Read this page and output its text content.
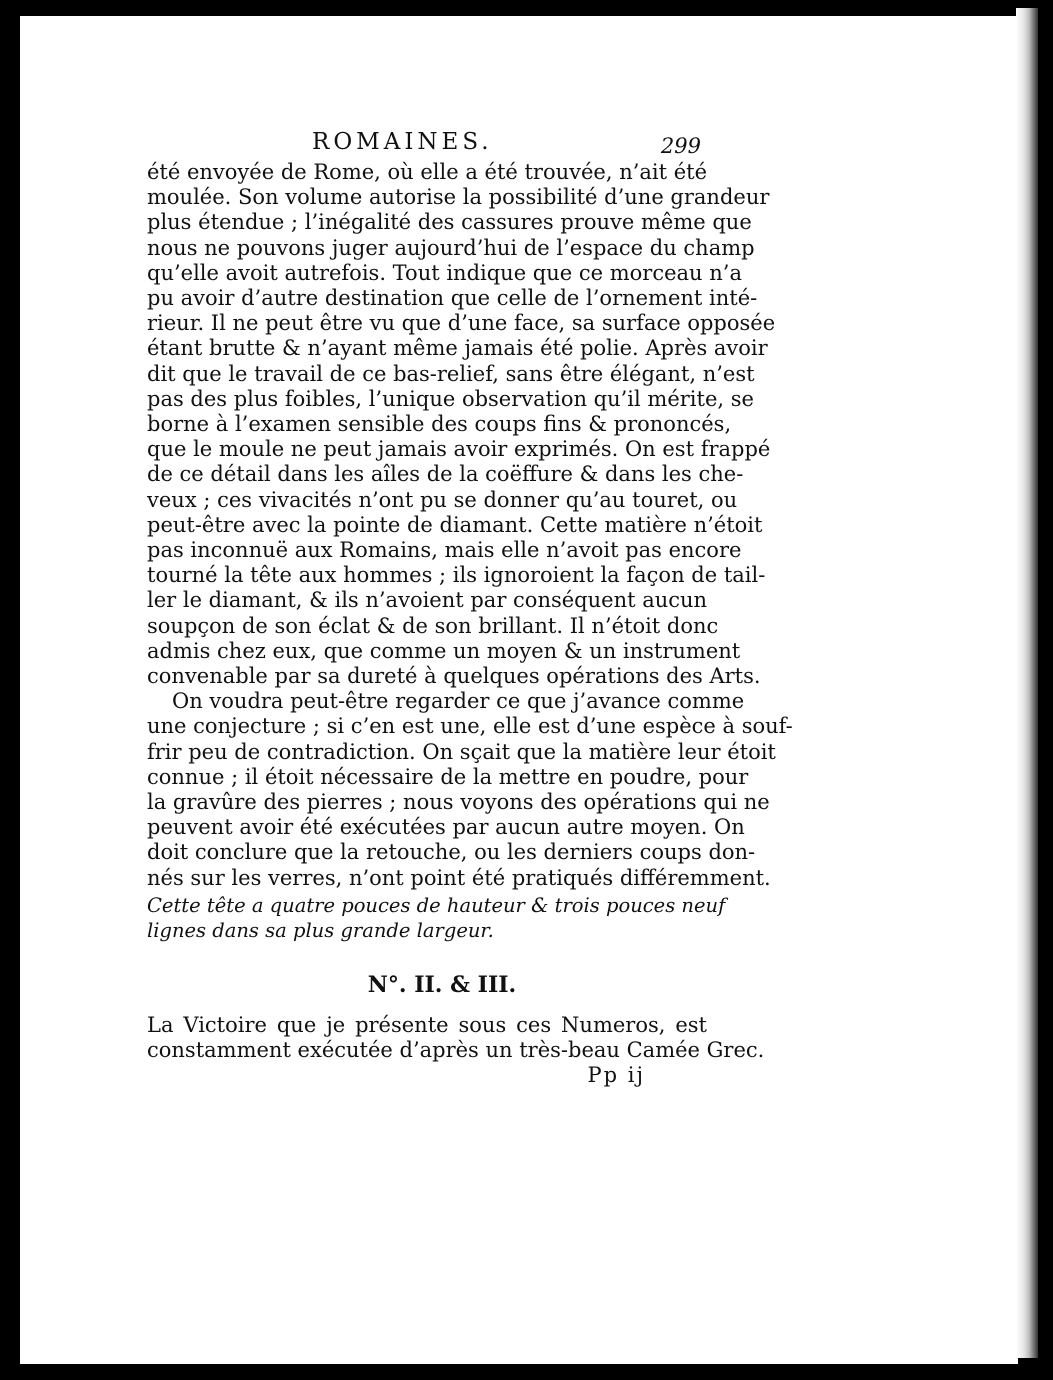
ROMAINES.	299
été envoyée de Rome, où elle a été trouvée, n’ait été
moulée. Son volume autorise la possibilité d’une grandeur
plus étendue ; l’inégalité des cassures prouve même que
nous ne pouvons juger aujourd’hui de l’espace du champ
qu’elle avoit autrefois. Tout indique que ce morceau n’a
pu avoir d’autre destination que celle de l’ornement inté-
rieur. Il ne peut être vu que d’une face, sa surface opposée
étant brutte & n’ayant même jamais été polie. Après avoir
dit que le travail de ce bas-relief, sans être élégant, n’est
pas des plus foibles, l’unique observation qu’il mérite, se
borne à l’examen sensible des coups fins & prononcés,
que le moule ne peut jamais avoir exprimés. On est frappé
de ce détail dans les aîles de la coëffure & dans les che-
veux ; ces vivacités n’ont pu se donner qu’au touret, ou
peut-être avec la pointe de diamant. Cette matière n’étoit
pas inconnuë aux Romains, mais elle n’avoit pas encore
tourné la tête aux hommes ; ils ignoroient la façon de tail-
ler le diamant, & ils n’avoient par conséquent aucun
soupçon de son éclat & de son brillant. Il n’étoit donc
admis chez eux, que comme un moyen & un instrument
convenable par sa dureté à quelques opérations des Arts.
On voudra peut-être regarder ce que j’avance comme
une conjecture ; si c’en est une, elle est d’une espèce à souf-
frir peu de contradiction. On sçait que la matière leur étoit
connue ; il étoit nécessaire de la mettre en poudre, pour
la gravûre des pierres ; nous voyons des opérations qui ne
peuvent avoir été exécutées par aucun autre moyen. On
doit conclure que la retouche, ou les derniers coups don-
nés sur les verres, n’ont point été pratiqués différemment.
Cette tête a quatre pouces de hauteur & trois pouces neuf
lignes dans sa plus grande largeur.
N°. II. & III.
La Victoire que je présente sous ces Numeros, est
constamment exécutée d’après un très-beau Camée Grec.
Pp ij
